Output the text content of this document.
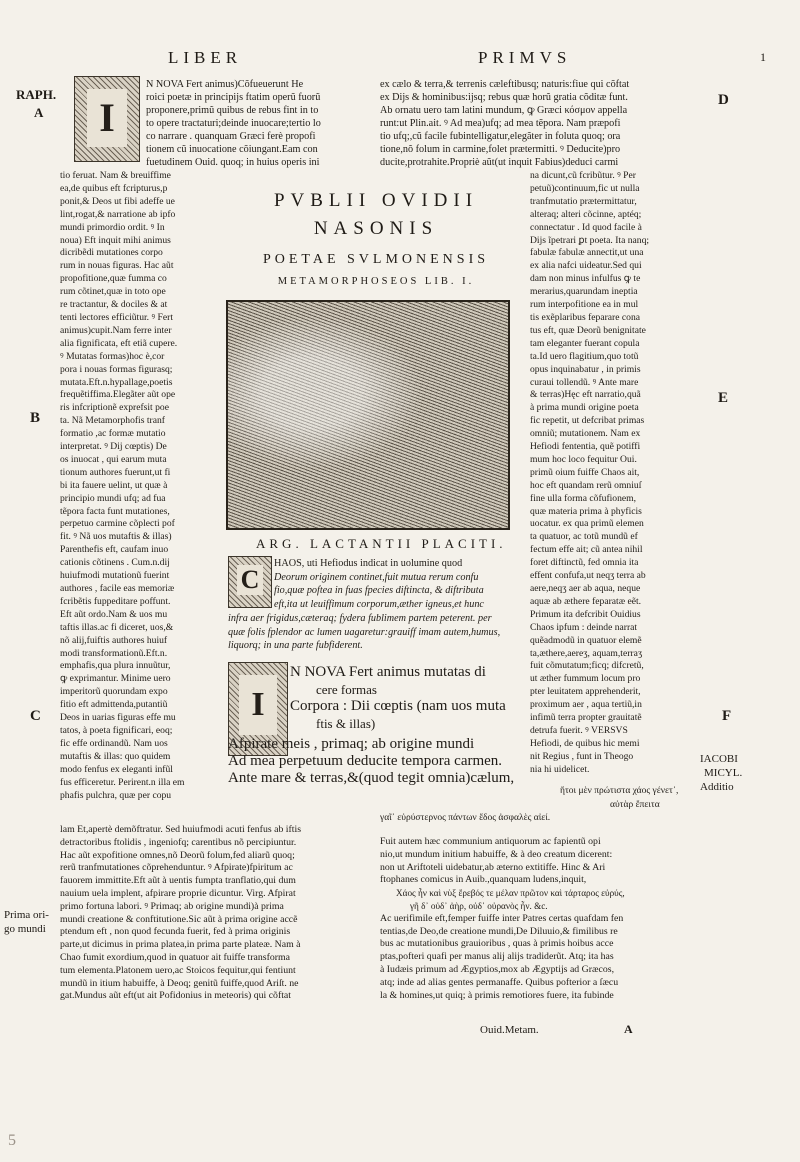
LIBER	PRIMVS	1
RAPH.
A
B
C
Prima ori-
go mundi
D
E
F
IACOBI
MICYL.
Additio
I
N NOVA Fert animus)Cõfueuerunt He
roici poetæ in principijs ftatim operũ fuorũ
proponere,primũ quibus de rebus fint in to
to opere tractaturi;deinde inuocare;tertio lo
co narrare . quanquam Græci ferè propofi
tionem cũ inuocatione cõiungant.Eam con
fuetudinem Ouid. quoq; in huius operis ini
ex cælo & terra,& terrenis cæleftibusq; naturis:fiue qui cõftat
ex Dijs & hominibus:ijsq; rebus quæ horũ gratia cõditæ funt.
Ab ornatu uero tam latini mundum, ꝙ Græci κόσμον appella
runt:ut Plin.ait. ꝰ Ad mea)ufq; ad mea tẽpora. Nam præpofi
tio ufq;,cũ facile fubintelligatur,elegãter in foluta quoq; ora
tione,nõ folum in carmine,folet prætermitti. ꝰ Deducite)pro
ducite,protrahite.Propriè aũt(ut inquit Fabius)deduci carmi
tio feruat. Nam & breuiffime
ea,de quibus eft fcripturus,p
ponit,& Deos ut fibi adeffe ue
lint,rogat,& narratione ab ipfo
mundi primordio ordit. ꝰ In
noua) Eft inquit mihi animus
dicribẽdi mutationes corpo
rum in nouas figuras. Hac aũt
propofitione,quæ fumma co
rum cõtinet,quæ in toto ope
re tractantur, & dociles & at
tenti lectores efficiũtur. ꝰ Fert
animus)cupit.Nam ferre inter
alia fignificata, eft etiã cupere.
ꝰ Mutatas formas)hoc è,cor
pora i nouas formas figurasq;
mutata.Eft.n.hypallage,poetis
frequẽtiffima.Elegãter aũt ope
ris infcriptionẽ exprefsit poe
ta. Nã Metamorphofis tranf
formatio ,ac formæ mutatio
interpretat. ꝰ Dij cœptis) De
os inuocat , qui earum muta
tionum authores fuerunt,ut fi
bi ita fauere uelint, ut quæ à
principio mundi ufq; ad fua
tẽpora facta funt mutationes,
perpetuo carmine cõplecti pof
fit. ꝰ Nã uos mutaftis & illas)
Parenthefis eft, caufam inuo
cationis cõtinens . Cum.n.dij
huiufmodi mutationũ fuerint
authores , facile eas memoriæ
fcribẽtis fuppeditare poffunt.
Eft aũt ordo.Nam & uos mu
taftis illas.ac fi diceret, uos,&
nõ alij,fuiftis authores huiuf
modi transformationũ.Eft.n.
emphafis,qua plura innuũtur,
ꝙ exprimantur. Minime uero
imperitorũ quorundam expo
fitio eft admittenda,putantiũ
Deos in uarias figuras effe mu
tatos, à poeta fignificari, eoq;
fic effe ordinandũ. Nam uos
mutaftis & illas: quo quidem
modo fenfus ex eleganti infũl
fus efficeretur. Perirent.n illa em
phafis pulchra, quæ per copu
PVBLII OVIDII
NASONIS
POETAE SVLMONENSIS
METAMORPHOSEOS LIB. I.
na dicunt,cũ fcribũtur. ꝰ Per
petuũ)continuum,fic ut nulla
tranfmutatio prætermittatur,
alteraq; alteri cõcinne, aptéq;
connectatur . Id quod facile à
Dijs ĩpetrari ꝑt poeta. Ita nanq;
fabulæ fabulæ annectit,ut una
ex alia nafci uideatur.Sed qui
dam non minus infulfus ꝙ te
merarius,quarundam ineptia
rum interpofitione ea in mul
tis exẽplaribus feparare cona
tus eft, quæ Deorũ benignitate
tam eleganter fuerant copula
ta.Id uero flagitium,quo totũ
opus inquinabatur , in primis
curaui tollendũ. ꝰ Ante mare
& terras)Hęc eft narratio,quã
à prima mundi origine poeta
fic repetit, ut defcribat primas
omniũ; mutationem. Nam ex
Hefiodi fententia, quẽ potiffi
mum hoc loco fequitur Oui.
primũ oium fuiffe Chaos ait,
hoc eft quandam rerũ omniuſ
fine ulla forma cõfufionem,
quæ materia prima à phyficis
uocatur. ex qua primũ elemen
ta quatuor, ac totũ mundũ ef
fectum effe ait; cũ antea nihil
foret diftinctũ, fed omnia ita
effent confufa,ut neqʒ terra ab
aere,neqʒ aer ab aqua, neque
aquæ ab æthere feparatæ eẽt.
Primum ita defcribit Ouidius
Chaos ipfum : deinde narrat
quẽadmodũ in quatuor elemẽ
ta,æthere,aereʒ, aquam,terraʒ
fuit cõmutatum;ficq; difcretũ,
ut æther fummum locum pro
pter leuitatem apprehenderit,
proximum aer , aqua tertiũ,in
infimũ terra propter grauitatẽ
detrufa fuerit. ꝰ VERSVS
Hefiodi, de quibus hic memi
nit Regius , funt in Theogo
nia hi uidelicet.
ἤτοι μὲν πρώτιστα χάος γένετ᾽,
αὐτὰρ ἔπειτα
ARG. LACTANTII PLACITI.
C
HAOS, uti Hefiodus indicat in uolumine quod
Deorum originem continet,fuit mutua rerum confu
fio,quæ poftea in fuas fpecies diftincta, & diftributa
eft,ita ut leuiffimum corporum,æther igneus,et hunc
infra aer frigidus,cæteraq; fydera fublimem partem peterent. per
quæ folis fplendor ac lumen uagaretur:grauiff imam autem,humus,
liquorq; in una parte fubfiderent.
I
N NOVA Fert animus mutatas di
cere formas
Corpora : Dii cœptis (nam uos muta
ftis & illas)
Afpirate meis , primaq; ab origine mundi
Ad mea perpetuum deducite tempora carmen.
Ante mare & terras,&(quod tegit omnia)cælum,
γαῖ᾽ εὐρύστερνος πάντων ἕδος ἀσφαλὲς αἰεί.
lam Et,apertè demõftratur. Sed huiufmodi acuti fenfus ab iftis
detractoribus ftolidis , ingeniofq; carentibus nõ percipiuntur.
Hac aũt expofitione omnes,nõ Deorũ folum,fed aliarũ quoq;
rerũ tranfmutationes cõprehenduntur. ꝰ Afpirate)fpiritum ac
fauorem immittite.Eft aũt à uentis fumpta tranflatio,qui dum
nauium uela implent, afpirare proprie dicuntur. Virg. Afpirat
primo fortuna labori. ꝰ Primaq; ab origine mundi)à prima
mundi creatione & conftitutione.Sic aũt à prima origine accẽ
ptendum eft , non quod fecunda fuerit, fed à prima originis
parte,ut dicimus in prima platea,in prima parte plateæ. Nam à
Chao fumit exordium,quod in quatuor ait fuiffe transforma
tum elementa.Platonem uero,ac Stoicos fequitur,qui fentiunt
mundũ in itium habuiffe, à Deoq; genitũ fuiffe,quod Ariſt. ne
gat.Mundus aũt eft(ut ait Pofidonius in meteoris) qui cõftat
Fuit autem hæc communium antiquorum ac fapientũ opi
nio,ut mundum initium habuiffe, & à deo creatum dicerent:
non ut Ariftoteli uidebatur,ab æterno extitiffe. Hinc & Ari
ftophanes comicus in Auib.,quanquam ludens,inquit,
Χάος ἦν καὶ νὺξ ἔρεβός τε μέλαν πρῶτον καὶ τάρταρος εὐρύς,
γῆ δ᾽ οὐδ᾽ ἀὴρ, οὐδ᾽ οὐρανὸς ἦν. &c.
Ac uerifimile eft,femper fuiffe inter Patres certas quafdam fen
tentias,de Deo,de creatione mundi,De Diluuio,& fimilibus re
bus ac mutationibus grauioribus , quas à primis hoibus acce
ptas,pofteri quafi per manus alij alijs tradiderũt. Atq; ita has
à Iudæis primum ad Ægyptios,mox ab Ægyptijs ad Græcos,
atq; inde ad alias gentes permanaffe. Quibus pofterior a ſæcu
la & homines,ut quiq; à primis remotiores fuere, ita fubinde
Ouid.Metam.	A
5
